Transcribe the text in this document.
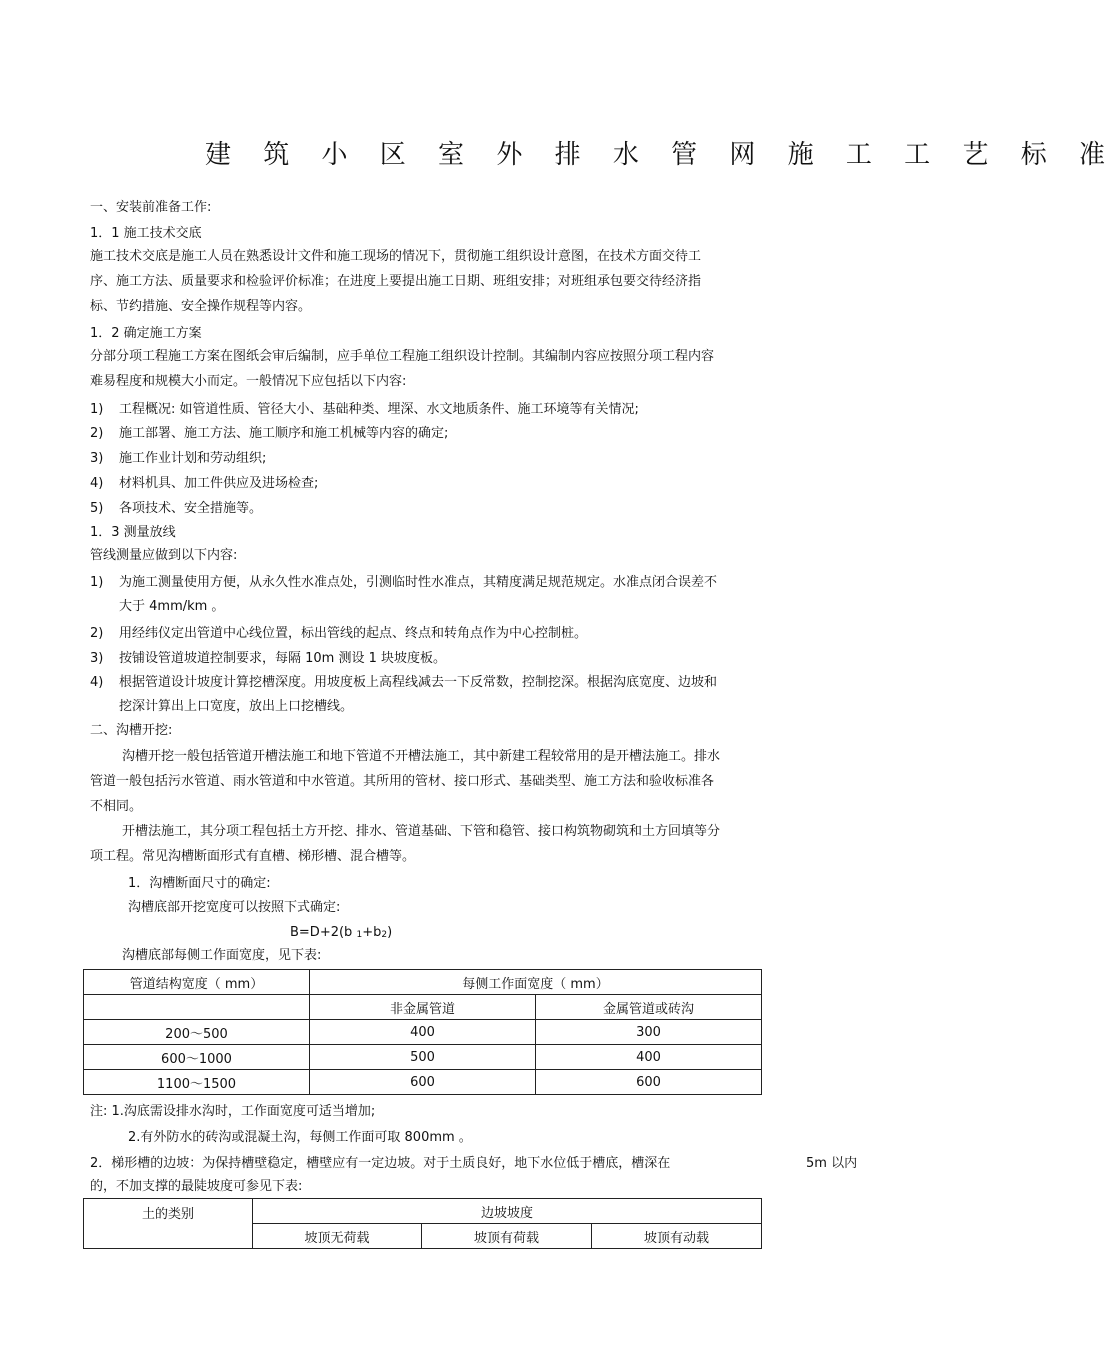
建 筑 小 区 室 外 排 水 管 网 施 工 工 艺 标 准
一、安装前准备工作:
1．1 施工技术交底
施工技术交底是施工人员在熟悉设计文件和施工现场的情况下，贯彻施工组织设计意图，在技术方面交待工
序、施工方法、质量要求和检验评价标准；在进度上要提出施工日期、班组安排；对班组承包要交待经济指
标、节约措施、安全操作规程等内容。
1．2 确定施工方案
分部分项工程施工方案在图纸会审后编制，应手单位工程施工组织设计控制。其编制内容应按照分项工程内容
难易程度和规模大小而定。一般情况下应包括以下内容:
1) 工程概况: 如管道性质、管径大小、基础种类、埋深、水文地质条件、施工环境等有关情况;
2) 施工部署、施工方法、施工顺序和施工机械等内容的确定;
3) 施工作业计划和劳动组织;
4) 材料机具、加工件供应及进场检查;
5) 各项技术、安全措施等。
1．3 测量放线
管线测量应做到以下内容:
1) 为施工测量使用方便，从永久性水准点处，引测临时性水准点，其精度满足规范规定。水准点闭合误差不
大于 4mm/km 。
2) 用经纬仪定出管道中心线位置，标出管线的起点、终点和转角点作为中心控制桩。
3) 按铺设管道坡道控制要求，每隔 10m 测设 1 块坡度板。
4) 根据管道设计坡度计算挖槽深度。用坡度板上高程线减去一下反常数，控制挖深。根据沟底宽度、边坡和
挖深计算出上口宽度，放出上口挖槽线。
二、沟槽开挖:
沟槽开挖一般包括管道开槽法施工和地下管道不开槽法施工，其中新建工程较常用的是开槽法施工。排水
管道一般包括污水管道、雨水管道和中水管道。其所用的管材、接口形式、基础类型、施工方法和验收标准各
不相同。
开槽法施工，其分项工程包括土方开挖、排水、管道基础、下管和稳管、接口构筑物砌筑和土方回填等分
项工程。常见沟槽断面形式有直槽、梯形槽、混合槽等。
1．沟槽断面尺寸的确定:
沟槽底部开挖宽度可以按照下式确定:
B=D+2(b 1+b2)
沟槽底部每侧工作面宽度，见下表:
管道结构宽度（ mm）	每侧工作面宽度（ mm）	
	非金属管道	金属管道或砖沟
200～500	400	300
600～1000	500	400
1100～1500	600	600
注: 1.沟底需设排水沟时，工作面宽度可适当增加;
2.有外防水的砖沟或混凝土沟，每侧工作面可取 800mm 。
2．梯形槽的边坡：为保持槽壁稳定，槽壁应有一定边坡。对于土质良好，地下水位低于槽底，槽深在	5m 以内
的，不加支撑的最陡坡度可参见下表:
土的类别	边坡坡度		
	坡顶无荷载	坡顶有荷载	坡顶有动载
